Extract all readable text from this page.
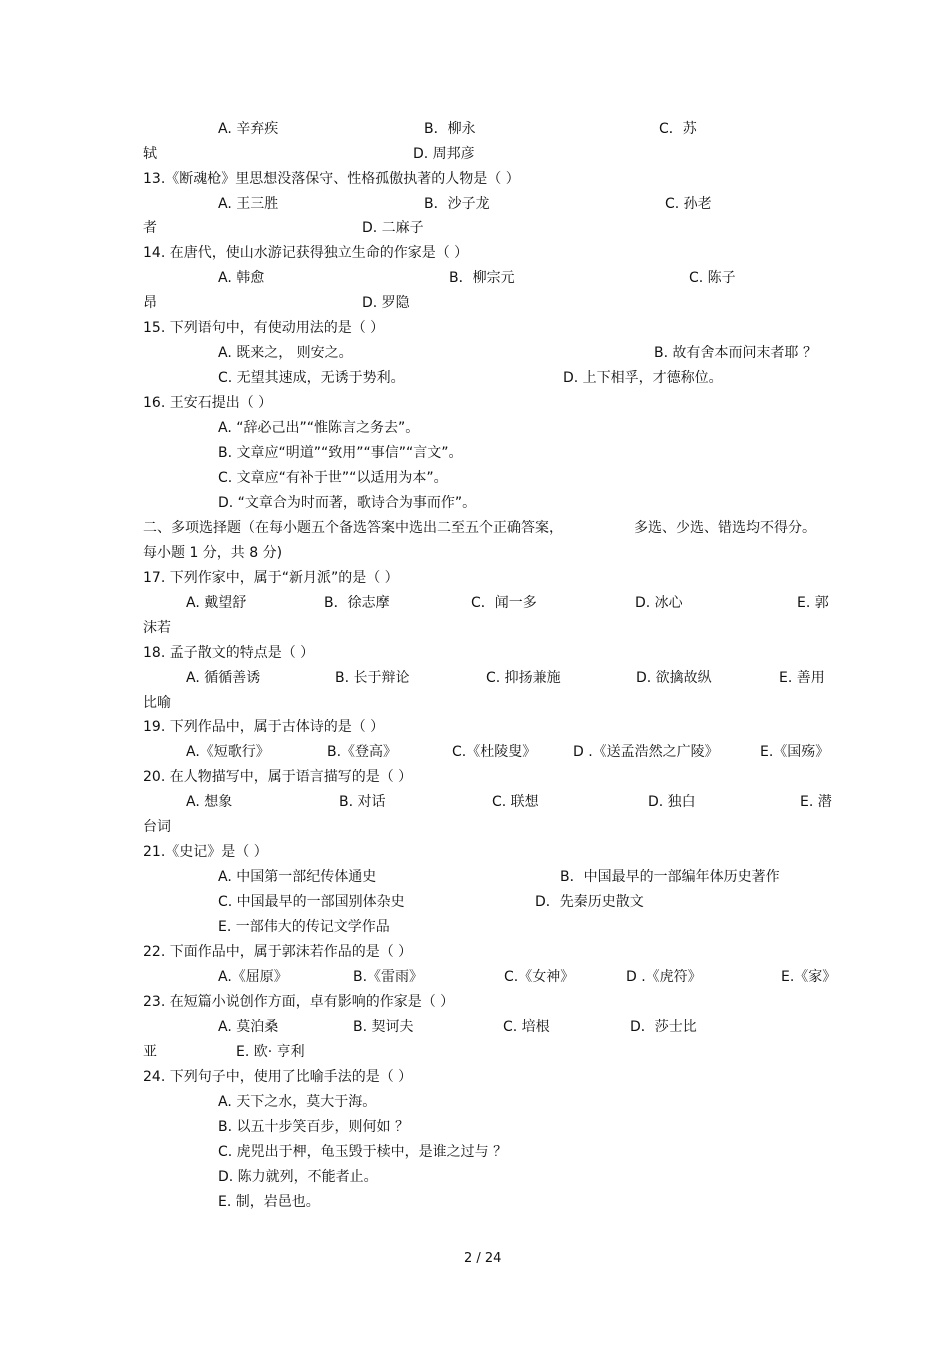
A. 辛弃疾	B．柳永	C．苏
轼	D. 周邦彦
13.《断魂枪》里思想没落保守、性格孤傲执著的人物是（ ）
A. 王三胜	B．沙子龙	C. 孙老
者	D. 二麻子
14. 在唐代，使山水游记获得独立生命的作家是（ ）
A. 韩愈	B．柳宗元	C. 陈子
昂	D. 罗隐
15. 下列语句中，有使动用法的是（ ）
A. 既来之， 则安之。	B. 故有舍本而问末者耶 ？
C. 无望其速成，无诱于势利。	D. 上下相孚，才德称位。
16. 王安石提出（ ）
A. “辞必己出”“惟陈言之务去”。
B. 文章应“明道”“致用”“事信”“言文”。
C. 文章应“有补于世”“以适用为本”。
D. “文章合为时而著，歌诗合为事而作”。
二、多项选择题（在每小题五个备选答案中选出二至五个正确答案，	多选、少选、错选均不得分。
每小题 1 分，共 8 分)
17. 下列作家中，属于“新月派”的是（ ）
A. 戴望舒	B．徐志摩	C．闻一多	D. 冰心	E. 郭
沫若
18. 孟子散文的特点是（ ）
A. 循循善诱	B. 长于辩论	C. 抑扬兼施	D. 欲擒故纵	E. 善用
比喻
19. 下列作品中，属于古体诗的是（ ）
A.《短歌行》	B.《登高》	C.《杜陵叟》	D .《送孟浩然之广陵》	E.《国殇》
20. 在人物描写中，属于语言描写的是（ ）
A. 想象	B. 对话	C. 联想	D. 独白	E. 潜
台词
21.《史记》是（ ）
A. 中国第一部纪传体通史	B．中国最早的一部编年体历史著作
C. 中国最早的一部国别体杂史	D．先秦历史散文
E. 一部伟大的传记文学作品
22. 下面作品中，属于郭沫若作品的是（ ）
A.《屈原》	B.《雷雨》	C.《女神》	D .《虎符》	E.《家》
23. 在短篇小说创作方面，卓有影响的作家是（ ）
A. 莫泊桑	B. 契诃夫	C. 培根	D．莎士比
亚	E. 欧· 亨利
24. 下列句子中，使用了比喻手法的是（ ）
A. 天下之水，莫大于海。
B. 以五十步笑百步，则何如 ？
C. 虎兕出于柙，龟玉毁于椟中，是谁之过与 ？
D. 陈力就列，不能者止。
E. 制，岩邑也。
2 / 24
